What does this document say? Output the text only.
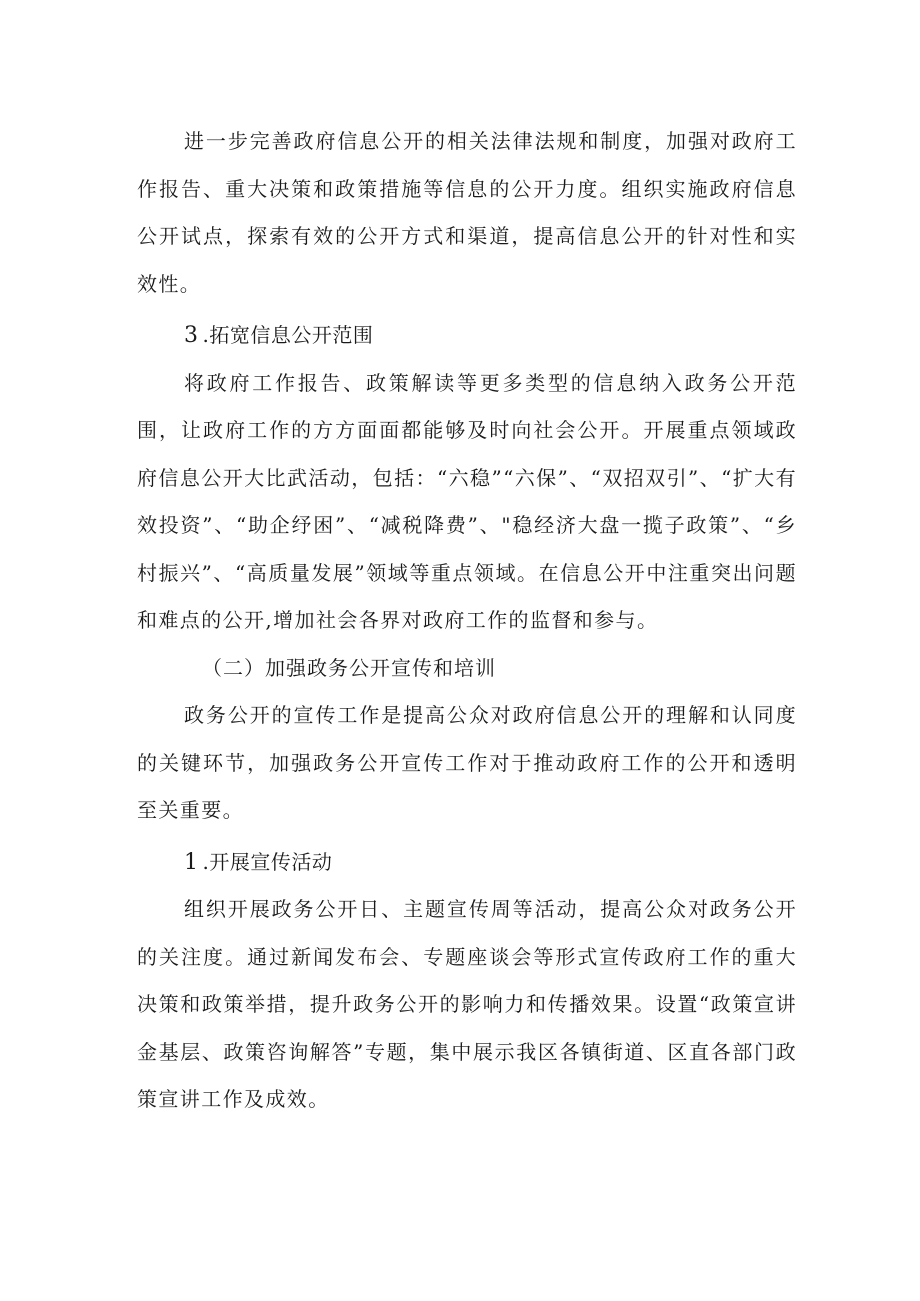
进一步完善政府信息公开的相关法律法规和制度，加强对政府工作报告、重大决策和政策措施等信息的公开力度。组织实施政府信息公开试点，探索有效的公开方式和渠道，提高信息公开的针对性和实效性。

3 .拓宽信息公开范围

将政府工作报告、政策解读等更多类型的信息纳入政务公开范围，让政府工作的方方面面都能够及时向社会公开。开展重点领域政府信息公开大比武活动，包括：“六稳”“六保”、“双招双引”、“扩大有效投资”、“助企纾困”、“减税降费”、"稳经济大盘一揽子政策”、“乡村振兴”、“高质量发展”领域等重点领域。在信息公开中注重突出问题和难点的公开,增加社会各界对政府工作的监督和参与。

（二）加强政务公开宣传和培训

政务公开的宣传工作是提高公众对政府信息公开的理解和认同度的关键环节，加强政务公开宣传工作对于推动政府工作的公开和透明至关重要。

1 .开展宣传活动

组织开展政务公开日、主题宣传周等活动，提高公众对政务公开的关注度。通过新闻发布会、专题座谈会等形式宣传政府工作的重大决策和政策举措，提升政务公开的影响力和传播效果。设置“政策宣讲金基层、政策咨询解答”专题，集中展示我区各镇街道、区直各部门政策宣讲工作及成效。
